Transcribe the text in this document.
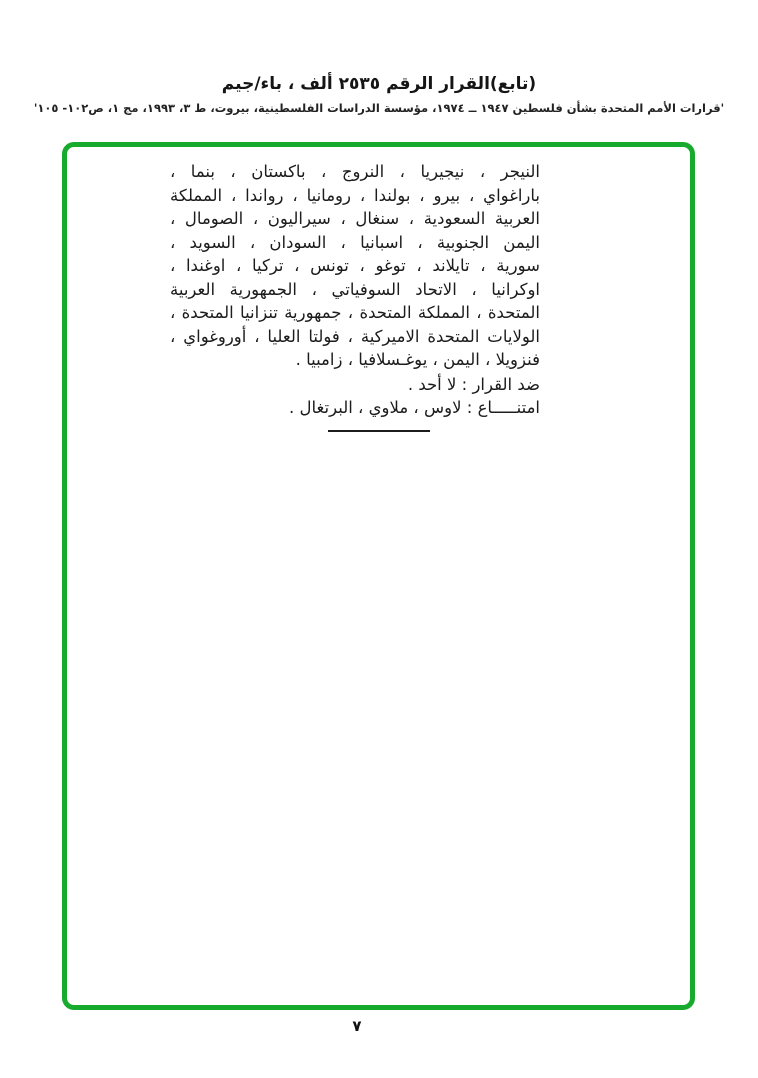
(تابع)القرار الرقم ٢٥٣٥ ألف ، باء/جيم
'قرارات الأمم المتحدة بشأن فلسطين ١٩٤٧ ــ ١٩٧٤، مؤسسة الدراسات الفلسطينية، بيروت، ط ٣، ١٩٩٣، مج ١، ص١٠٢- ١٠٥'
النيجر ، نيجيريا ، النروج ، باكستان ، بنما ،
باراغواي ، بيرو ، بولندا ، رومانيا ، رواندا ، المملكة
العربية السعودية ، سنغال ، سيراليون ، الصومال ،
اليمن الجنوبية ، اسبانيا ، السودان ، السويد ،
سورية ، تايلاند ، توغو ، تونس ، تركيا ، اوغندا ،
اوكرانيا ، الاتحاد السوفياتي ، الجمهورية العربية
المتحدة ، المملكة المتحدة ، جمهورية تنزانيا المتحدة ،
الولايات المتحدة الاميركية ، فولتا العليا ، أوروغواي ،
فنزويلا ، اليمن ، يوغـسلافيا ، زامبيا .
ضد القرار : لا أحد .
امتنـــــاع : لاوس ، ملاوي ، البرتغال .
٧
